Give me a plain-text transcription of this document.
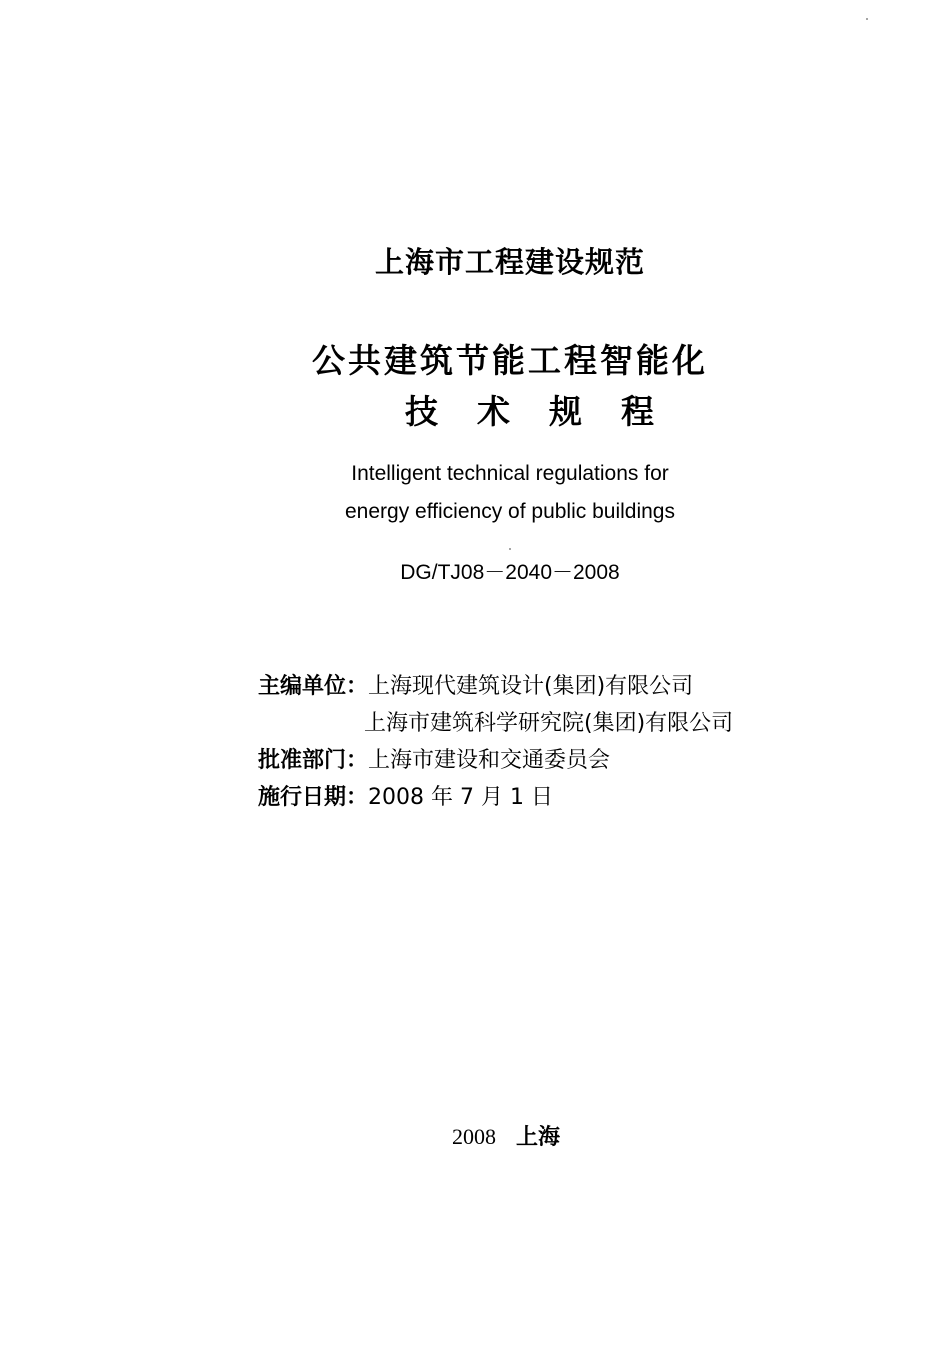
上海市工程建设规范
公共建筑节能工程智能化
技术规程
Intelligent technical regulations for
energy efficiency of public buildings
DG/TJ08－2040－2008
主编单位：上海现代建筑设计(集团)有限公司
上海市建筑科学研究院(集团)有限公司
批准部门：上海市建设和交通委员会
施行日期：2008 年 7 月 1 日
2008 上海
